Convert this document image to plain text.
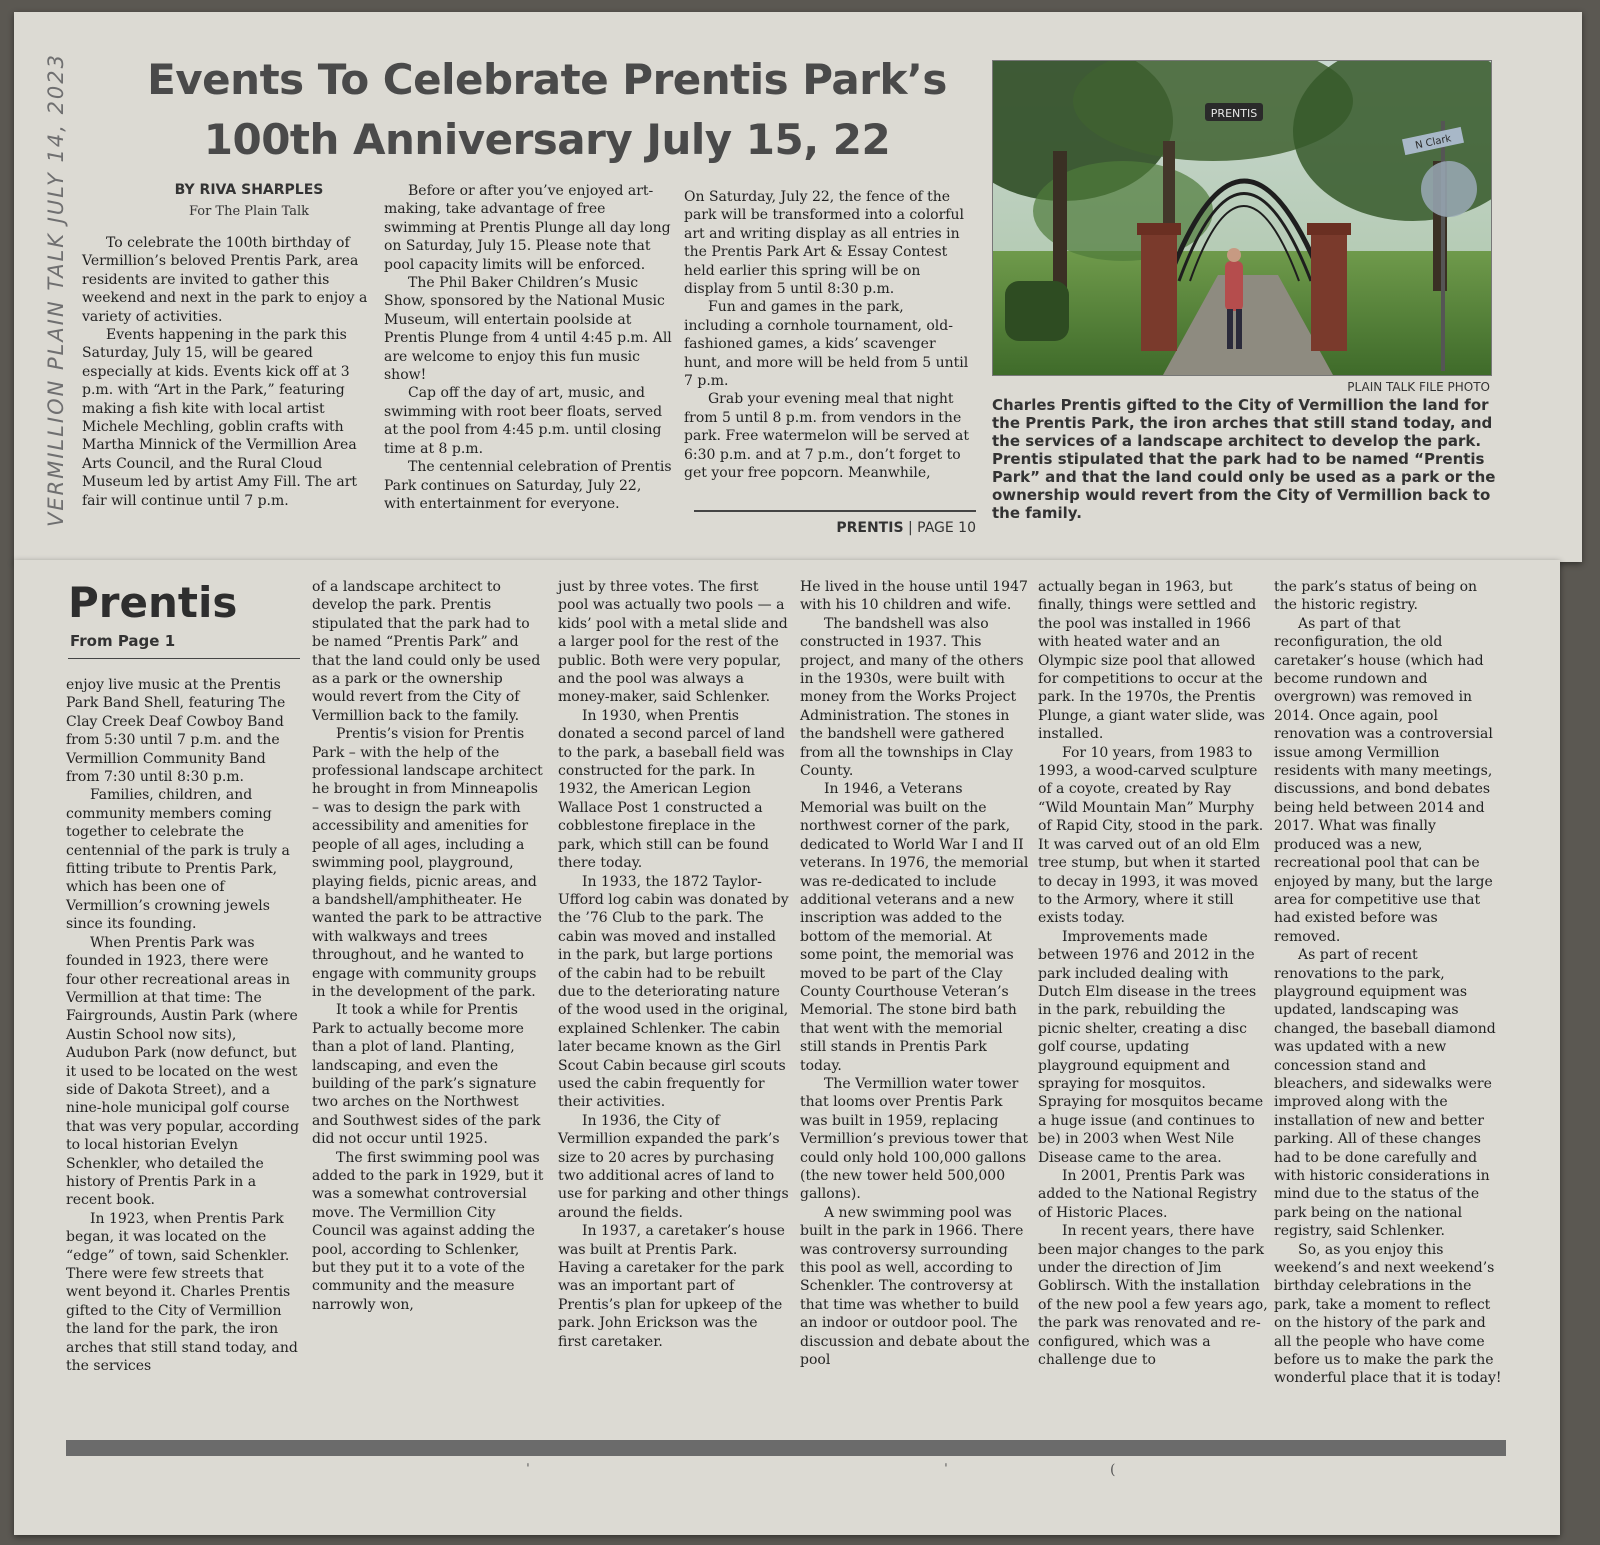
VERMILLION PLAIN TALK JULY 14, 2023	Events To Celebrate Prentis Park’s
100th Anniversary July 15, 22
BY RIVA SHARPLES
For The Plain Talk

To celebrate the 100th birthday of Vermillion’s beloved Prentis Park, area residents are invited to gather this weekend and next in the park to enjoy a variety of activities.

Events happening in the park this Saturday, July 15, will be geared especially at kids. Events kick off at 3 p.m. with “Art in the Park,” featuring making a fish kite with local artist Michele Mechling, goblin crafts with Martha Minnick of the Vermillion Area Arts Council, and the Rural Cloud Museum led by artist Amy Fill. The art fair will continue until 7 p.m.

Before or after you’ve enjoyed art-making, take advantage of free swimming at Prentis Plunge all day long on Saturday, July 15. Please note that pool capacity limits will be enforced.

The Phil Baker Children’s Music Show, sponsored by the National Music Museum, will entertain poolside at Prentis Plunge from 4 until 4:45 p.m. All are welcome to enjoy this fun music show!

Cap off the day of art, music, and swimming with root beer floats, served at the pool from 4:45 p.m. until closing time at 8 p.m.

The centennial celebration of Prentis Park continues on Saturday, July 22, with entertainment for everyone.

On Saturday, July 22, the fence of the park will be transformed into a colorful art and writing display as all entries in the Prentis Park Art & Essay Contest held earlier this spring will be on display from 5 until 8:30 p.m.

Fun and games in the park, including a cornhole tournament, old-fashioned games, a kids’ scavenger hunt, and more will be held from 5 until 7 p.m.

Grab your evening meal that night from 5 until 8 p.m. from vendors in the park. Free watermelon will be served at 6:30 p.m. and at 7 p.m., don’t forget to get your free popcorn. Meanwhile,

PRENTIS | PAGE 10
PRENTIS
N Clark
PLAIN TALK FILE PHOTO
Charles Prentis gifted to the City of Vermillion the land for the Prentis Park, the iron arches that still stand today, and the services of a landscape architect to develop the park. Prentis stipulated that the park had to be named “Prentis Park” and that the land could only be used as a park or the ownership would revert from the City of Vermillion back to the family.
Prentis
From Page 1

enjoy live music at the Prentis Park Band Shell, featuring The Clay Creek Deaf Cowboy Band from 5:30 until 7 p.m. and the Vermillion Community Band from 7:30 until 8:30 p.m.

Families, children, and community members coming together to celebrate the centennial of the park is truly a fitting tribute to Prentis Park, which has been one of Vermillion’s crowning jewels since its founding.

When Prentis Park was founded in 1923, there were four other recreational areas in Vermillion at that time: The Fairgrounds, Austin Park (where Austin School now sits), Audubon Park (now defunct, but it used to be located on the west side of Dakota Street), and a nine-hole municipal golf course that was very popular, according to local historian Evelyn Schenkler, who detailed the history of Prentis Park in a recent book.

In 1923, when Prentis Park began, it was located on the “edge” of town, said Schenkler. There were few streets that went beyond it. Charles Prentis gifted to the City of Vermillion the land for the park, the iron arches that still stand today, and the services

of a landscape architect to develop the park. Prentis stipulated that the park had to be named “Prentis Park” and that the land could only be used as a park or the ownership would revert from the City of Vermillion back to the family.

Prentis’s vision for Prentis Park – with the help of the professional landscape architect he brought in from Minneapolis – was to design the park with accessibility and amenities for people of all ages, including a swimming pool, playground, playing fields, picnic areas, and a bandshell/amphitheater. He wanted the park to be attractive with walkways and trees throughout, and he wanted to engage with community groups in the development of the park.

It took a while for Prentis Park to actually become more than a plot of land. Planting, landscaping, and even the building of the park’s signature two arches on the Northwest and Southwest sides of the park did not occur until 1925.

The first swimming pool was added to the park in 1929, but it was a somewhat controversial move. The Vermillion City Council was against adding the pool, according to Schlenker, but they put it to a vote of the community and the measure narrowly won,

just by three votes. The first pool was actually two pools — a kids’ pool with a metal slide and a larger pool for the rest of the public. Both were very popular, and the pool was always a money-maker, said Schlenker.

In 1930, when Prentis donated a second parcel of land to the park, a baseball field was constructed for the park. In 1932, the American Legion Wallace Post 1 constructed a cobblestone fireplace in the park, which still can be found there today.

In 1933, the 1872 Taylor-Ufford log cabin was donated by the ’76 Club to the park. The cabin was moved and installed in the park, but large portions of the cabin had to be rebuilt due to the deteriorating nature of the wood used in the original, explained Schlenker. The cabin later became known as the Girl Scout Cabin because girl scouts used the cabin frequently for their activities.

In 1936, the City of Vermillion expanded the park’s size to 20 acres by purchasing two additional acres of land to use for parking and other things around the fields.

In 1937, a caretaker’s house was built at Prentis Park. Having a caretaker for the park was an important part of Prentis’s plan for upkeep of the park. John Erickson was the first caretaker.

He lived in the house until 1947 with his 10 children and wife.

The bandshell was also constructed in 1937. This project, and many of the others in the 1930s, were built with money from the Works Project Administration. The stones in the bandshell were gathered from all the townships in Clay County.

In 1946, a Veterans Memorial was built on the northwest corner of the park, dedicated to World War I and II veterans. In 1976, the memorial was re-dedicated to include additional veterans and a new inscription was added to the bottom of the memorial. At some point, the memorial was moved to be part of the Clay County Courthouse Veteran’s Memorial. The stone bird bath that went with the memorial still stands in Prentis Park today.

The Vermillion water tower that looms over Prentis Park was built in 1959, replacing Vermillion’s previous tower that could only hold 100,000 gallons (the new tower held 500,000 gallons).

A new swimming pool was built in the park in 1966. There was controversy surrounding this pool as well, according to Schenkler. The controversy at that time was whether to build an indoor or outdoor pool. The discussion and debate about the pool

actually began in 1963, but finally, things were settled and the pool was installed in 1966 with heated water and an Olympic size pool that allowed for competitions to occur at the park. In the 1970s, the Prentis Plunge, a giant water slide, was installed.

For 10 years, from 1983 to 1993, a wood-carved sculpture of a coyote, created by Ray “Wild Mountain Man” Murphy of Rapid City, stood in the park. It was carved out of an old Elm tree stump, but when it started to decay in 1993, it was moved to the Armory, where it still exists today.

Improvements made between 1976 and 2012 in the park included dealing with Dutch Elm disease in the trees in the park, rebuilding the picnic shelter, creating a disc golf course, updating playground equipment and spraying for mosquitos. Spraying for mosquitos became a huge issue (and continues to be) in 2003 when West Nile Disease came to the area.

In 2001, Prentis Park was added to the National Registry of Historic Places.

In recent years, there have been major changes to the park under the direction of Jim Goblirsch. With the installation of the new pool a few years ago, the park was renovated and re-configured, which was a challenge due to

the park’s status of being on the historic registry.

As part of that reconfiguration, the old caretaker’s house (which had become rundown and overgrown) was removed in 2014. Once again, pool renovation was a controversial issue among Vermillion residents with many meetings, discussions, and bond debates being held between 2014 and 2017. What was finally produced was a new, recreational pool that can be enjoyed by many, but the large area for competitive use that had existed before was removed.

As part of recent renovations to the park, playground equipment was updated, landscaping was changed, the baseball diamond was updated with a new concession stand and bleachers, and sidewalks were improved along with the installation of new and better parking. All of these changes had to be done carefully and with historic considerations in mind due to the status of the park being on the national registry, said Schlenker.

So, as you enjoy this weekend’s and next weekend’s birthday celebrations in the park, take a moment to reflect on the history of the park and all the people who have come before us to make the park the wonderful place that it is today!

ˈ	ˈ	(
